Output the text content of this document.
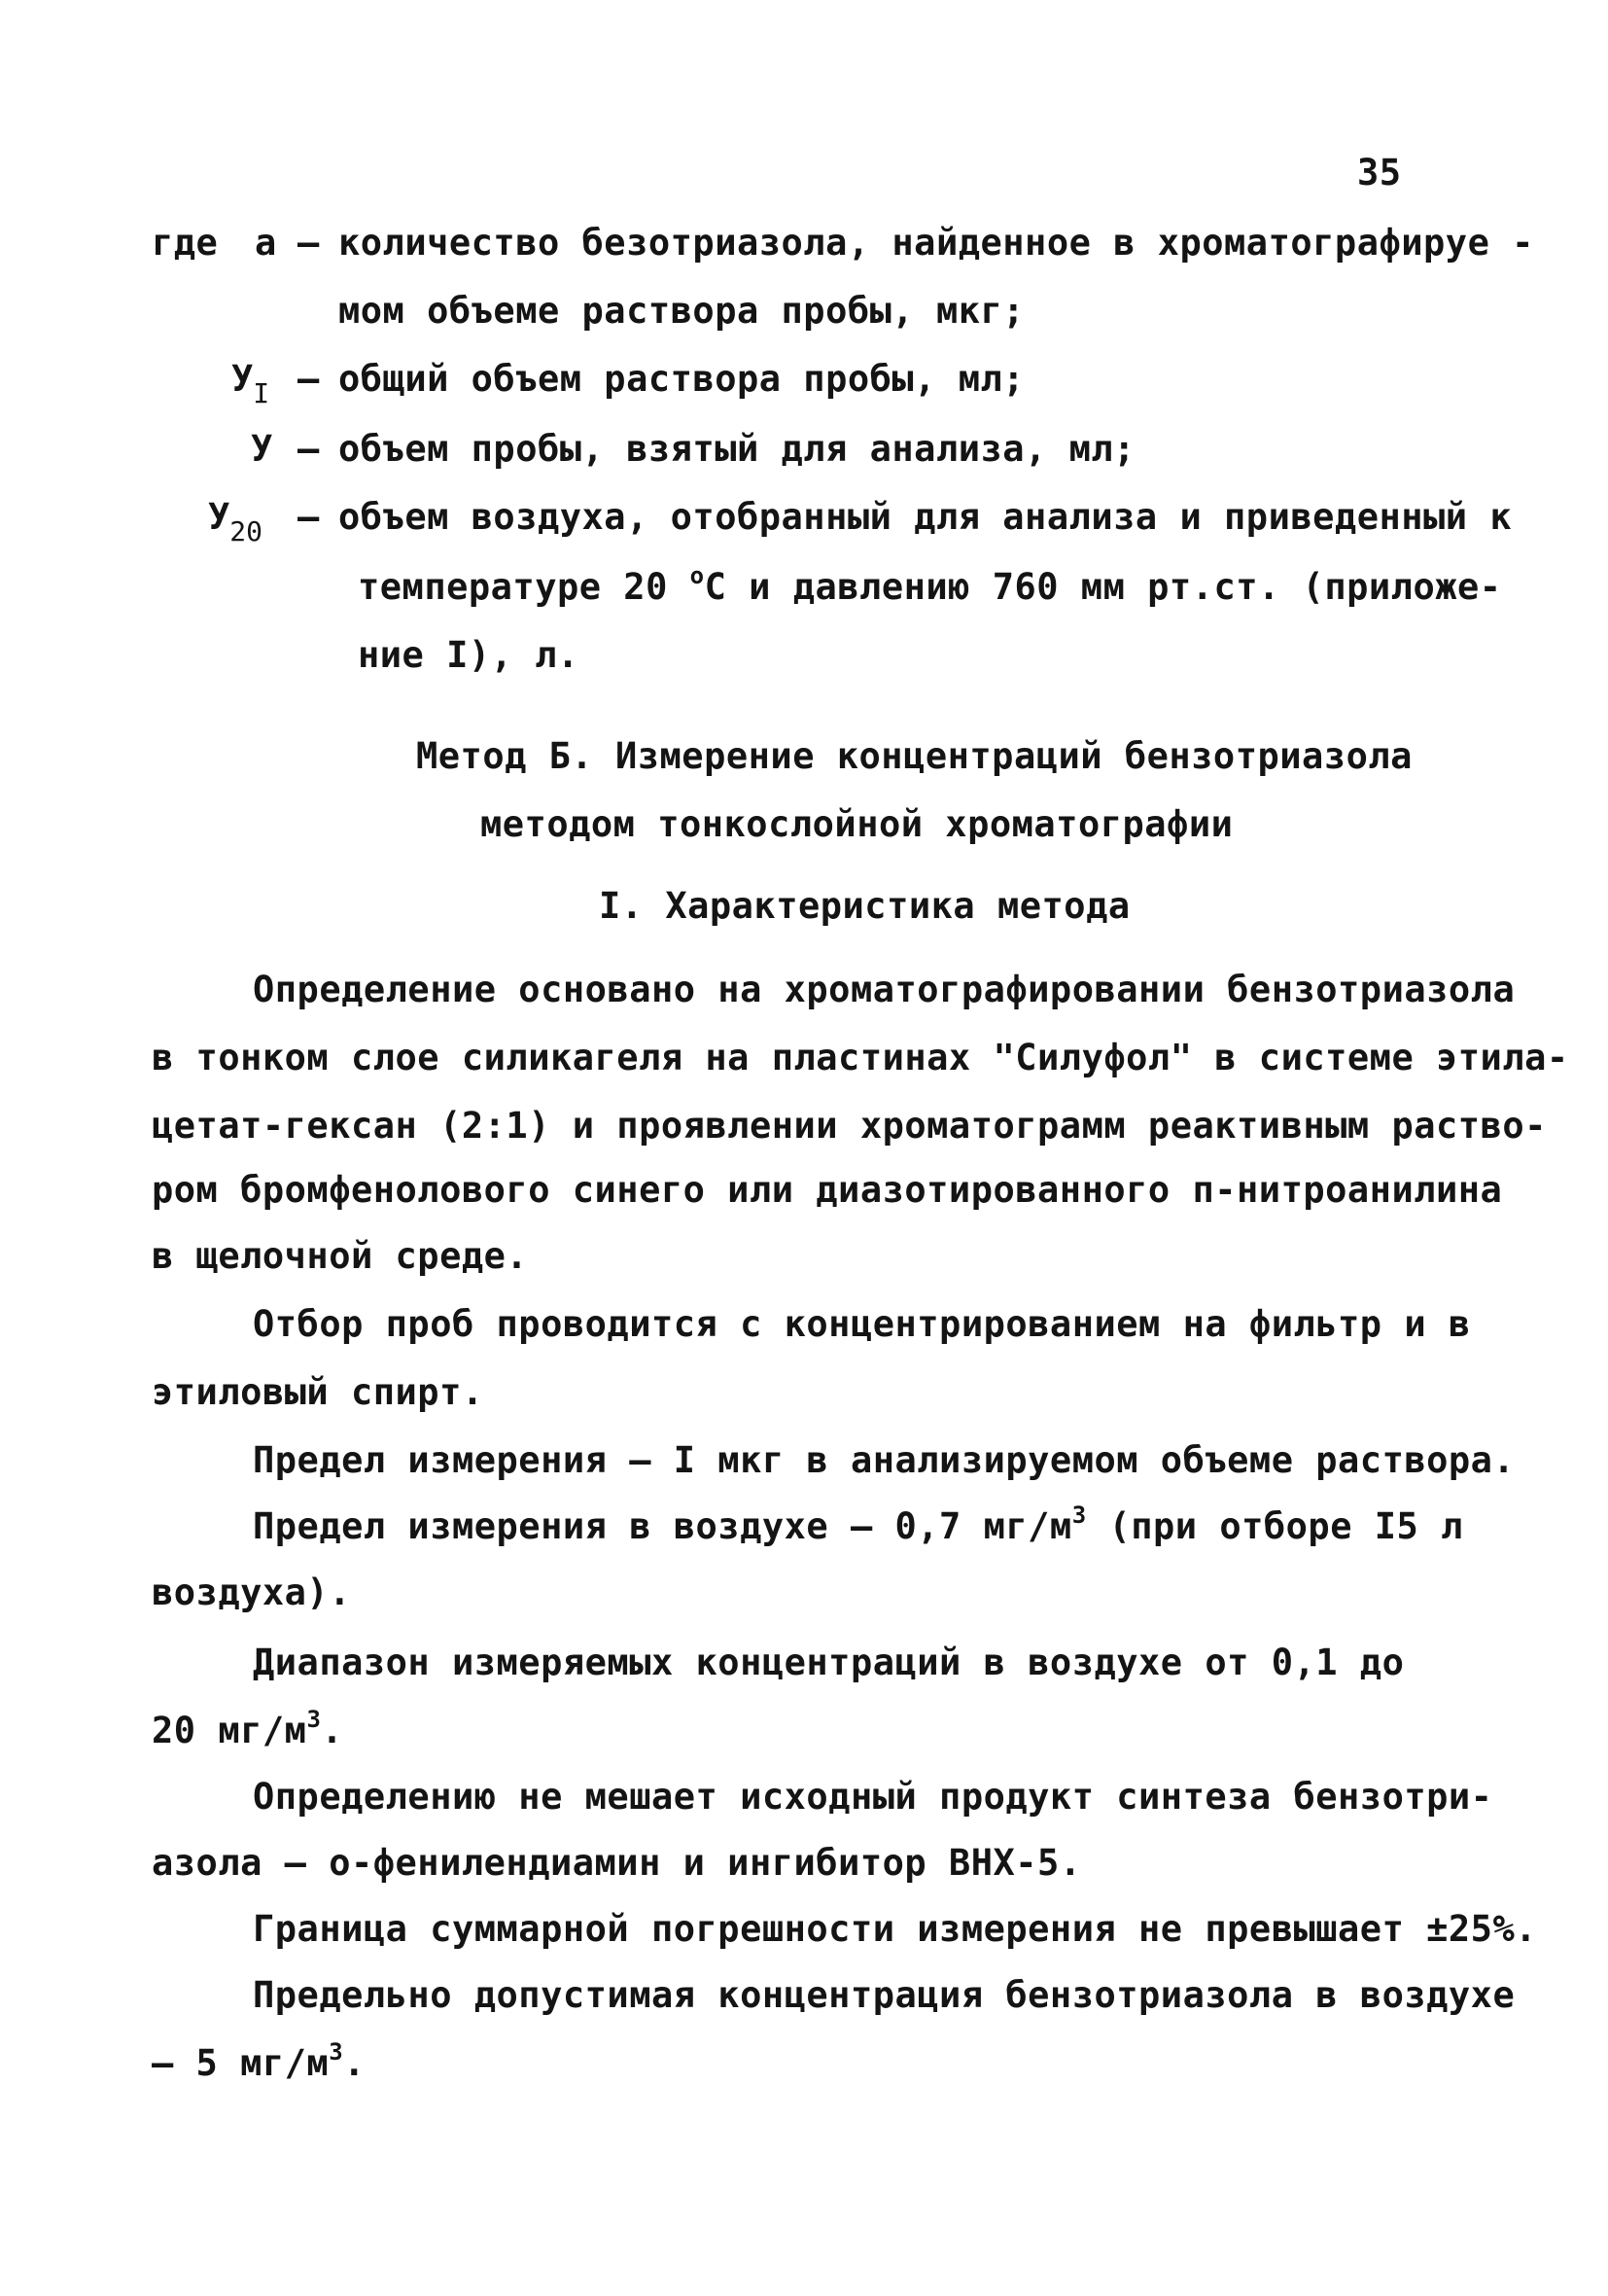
35
где а – количество безотриазола, найденное в хроматографируе -
мом объеме раствора пробы, мкг;
$У_I$ – общий объем раствора пробы, мл;
У – объем пробы, взятый для анализа, мл;
$У_{20}$ – объем воздуха, отобранный для анализа и приведенный к
температуре 20 $^о$С и давлению 760 мм рт.ст. (приложе-
ние I), л.
Метод Б. Измерение концентраций бензотриазола
методом тонкослойной хроматографии
I. Характеристика метода
Определение основано на хроматографировании бензотриазола
в тонком слое силикагеля на пластинах "Силуфол" в системе этила-
цетат-гексан (2:1) и проявлении хроматограмм реактивным раство-
ром бромфенолового синего или диазотированного п-нитроанилина
в щелочной среде.
Отбор проб проводится с концентрированием на фильтр и в
этиловый спирт.
Предел измерения – I мкг в анализируемом объеме раствора.
Предел измерения в воздухе – 0,7 $мг/м^3$ (при отборе I5 л
воздуха).
Диапазон измеряемых концентраций в воздухе от 0,1 до
20 $мг/м^3$.
Определению не мешает исходный продукт синтеза бензотри-
азола – о-фенилендиамин и ингибитор ВНХ-5.
Граница суммарной погрешности измерения не превышает ±25%.
Предельно допустимая концентрация бензотриазола в воздухе
– 5 $мг/м^3$.
